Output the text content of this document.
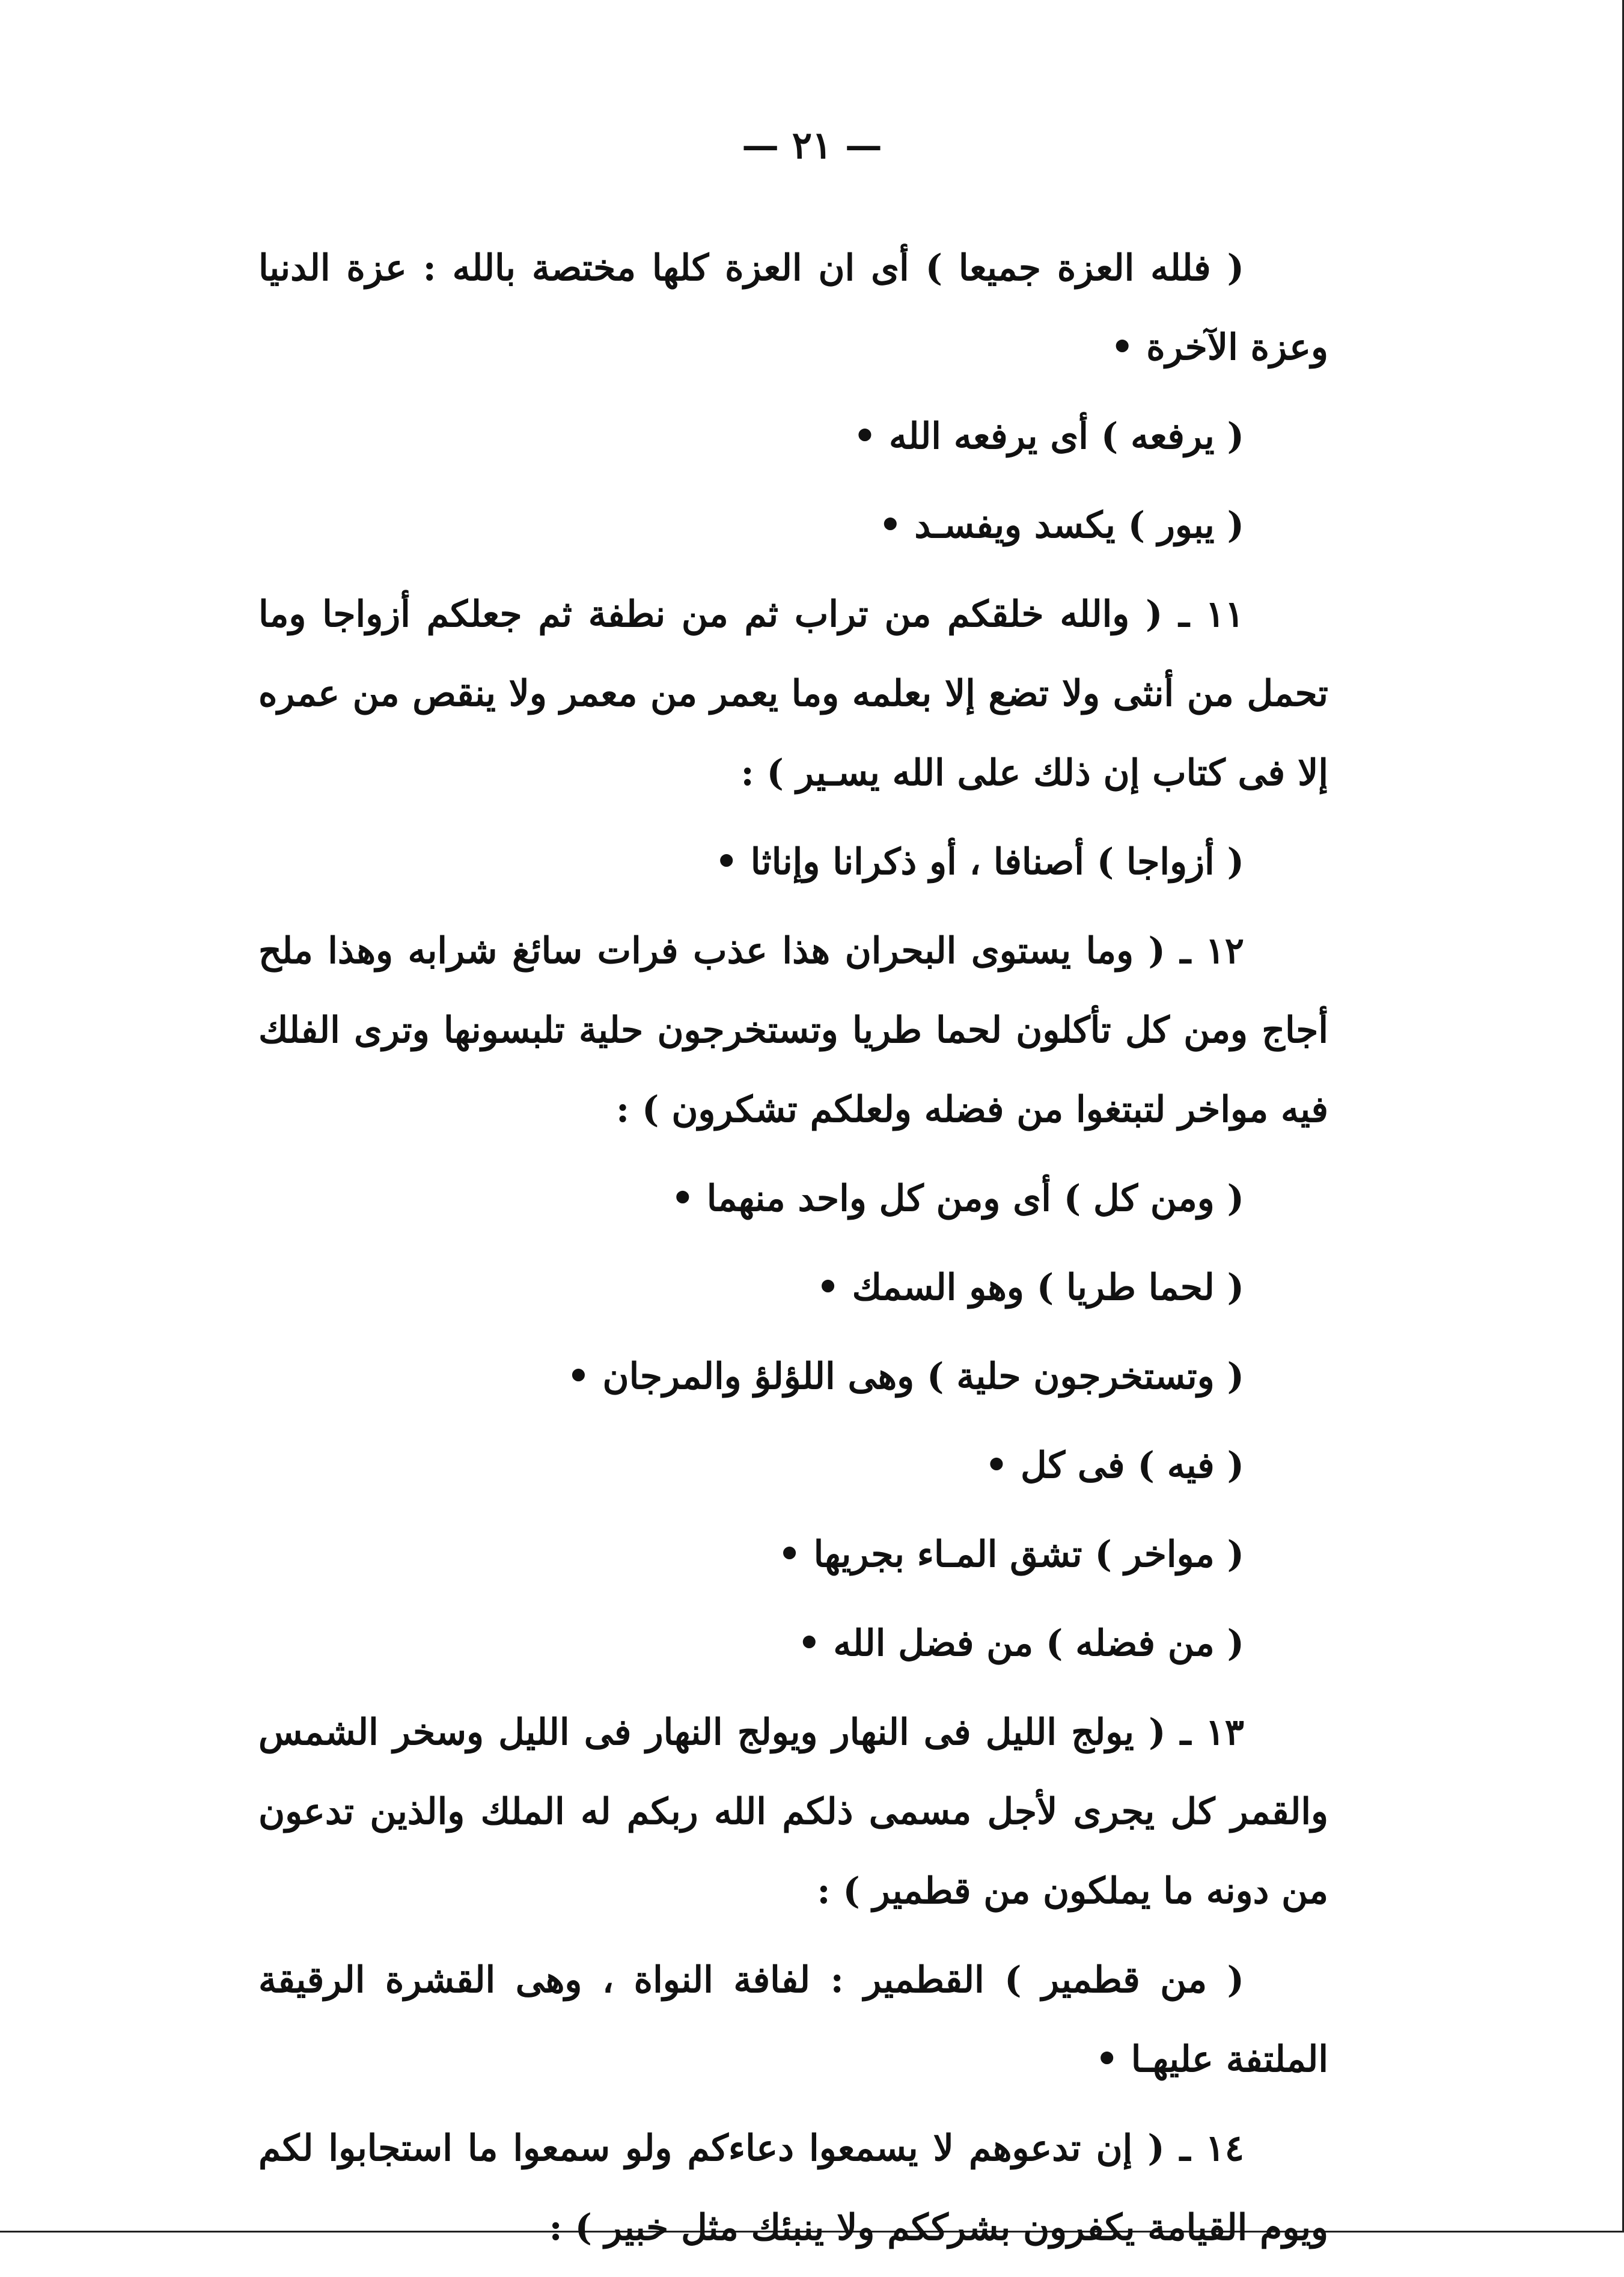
— ٢١ —

( فلله العزة جميعا ) أى ان العزة كلها مختصة بالله : عزة الدنيا وعزة الآخرة •

( يرفعه ) أى يرفعه الله •

( يبور ) يكسد ويفسـد •

١١ ـ ( والله خلقكم من تراب ثم من نطفة ثم جعلكم أزواجا وما تحمل من أنثى ولا تضع إلا بعلمه وما يعمر من معمر ولا ينقص من عمره إلا فى كتاب إن ذلك على الله يسـير ) :

( أزواجا ) أصنافا ، أو ذكرانا وإناثا •

١٢ ـ ( وما يستوى البحران هذا عذب فرات سائغ شرابه وهذا ملح أجاج ومن كل تأكلون لحما طريا وتستخرجون حلية تلبسونها وترى الفلك فيه مواخر لتبتغوا من فضله ولعلكم تشكرون ) :

( ومن كل ) أى ومن كل واحد منهما •

( لحما طريا ) وهو السمك •

( وتستخرجون حلية ) وهى اللؤلؤ والمرجان •

( فيه ) فى كل •

( مواخر ) تشق المـاء بجريها •

( من فضله ) من فضل الله •

١٣ ـ ( يولج الليل فى النهار ويولج النهار فى الليل وسخر الشمس والقمر كل يجرى لأجل مسمى ذلكم الله ربكم له الملك والذين تدعون من دونه ما يملكون من قطمير ) :

( من قطمير ) القطمير : لفافة النواة ، وهى القشرة الرقيقة الملتفة عليهـا •

١٤ ـ ( إن تدعوهم لا يسمعوا دعاءكم ولو سمعوا ما استجابوا لكم ويوم القيامة يكفرون بشرككم ولا ينبئك مثل خبير ) :
